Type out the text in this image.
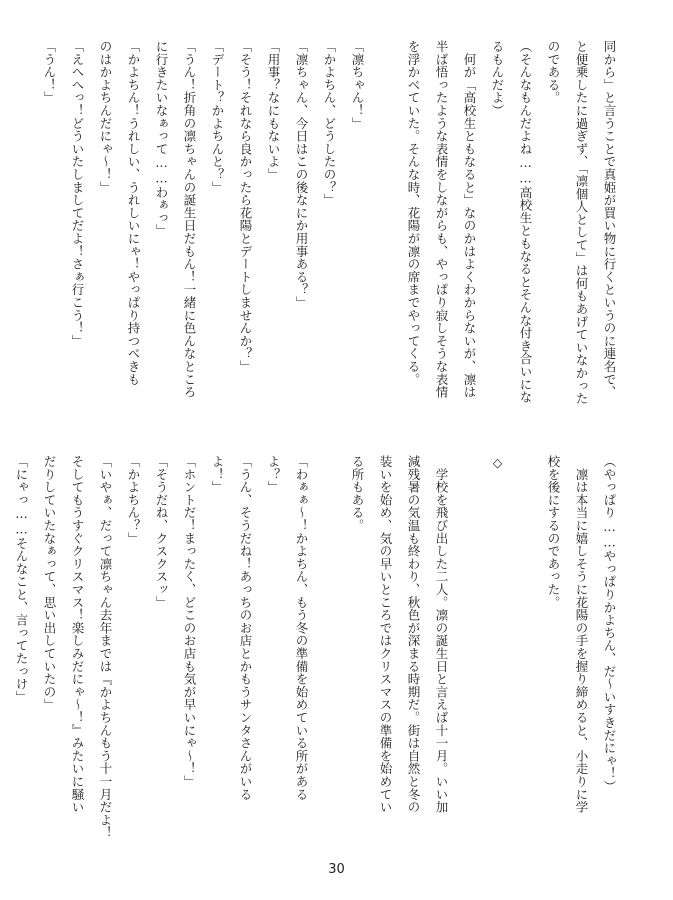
同から」と言うことで真姫が買い物に行くというのに連名で、

と便乗したに過ぎず、「凛個人として」は何もあげていなかった

のである。

（そんなもんだよね……高校生ともなるとそんな付き合いにな

るもんだよ）

　何が「高校生ともなると」なのかはよくわからないが、凛は

半ば悟ったような表情をしながらも、やっぱり寂しそうな表情

を浮かべていた。そんな時、花陽が凛の席までやってくる。

「凛ちゃん！」

「かよちん、どうしたの？」

「凛ちゃん、今日はこの後なにか用事ある？」

「用事？なにもないよ」

「そう！それなら良かったら花陽とデートしませんか？」

「デート？かよちんと？」

「うん！折角の凛ちゃんの誕生日だもん！一緒に色んなところ

に行きたいなぁって……わぁっ」

「かよちん！うれしい、うれしいにゃ！やっぱり持つべきも

のはかよちんだにゃ〜！」

「えへへっ！どういたしましてだよ！さぁ行こう！」

「うん！」

（やっぱり……やっぱりかよちん、だ〜いすきだにゃ！）

　凛は本当に嬉しそうに花陽の手を握り締めると、小走りに学

校を後にするのであった。

◇

　学校を飛び出した二人。凛の誕生日と言えば十一月。いい加

減残暑の気温も終わり、秋色が深まる時期だ。街は自然と冬の

装いを始め、気の早いところではクリスマスの準備を始めてい

る所もある。

「わぁぁ〜！かよちん、もう冬の準備を始めている所がある

よ？」

「うん、そうだね！あっちのお店とかもうサンタさんがいる

よ！」

「ホントだ！まったく、どこのお店も気が早いにゃ〜！」

「そうだね、クスクスッ」

「かよちん？」

「いやぁ、だって凛ちゃん去年までは『かよちんもう十一月だよ！

そしてもうすぐクリスマス！楽しみだにゃ〜！』みたいに騒い

だりしていたなぁって、思い出していたの」

「にゃっ……そんなこと、言ってたっけ」

30
